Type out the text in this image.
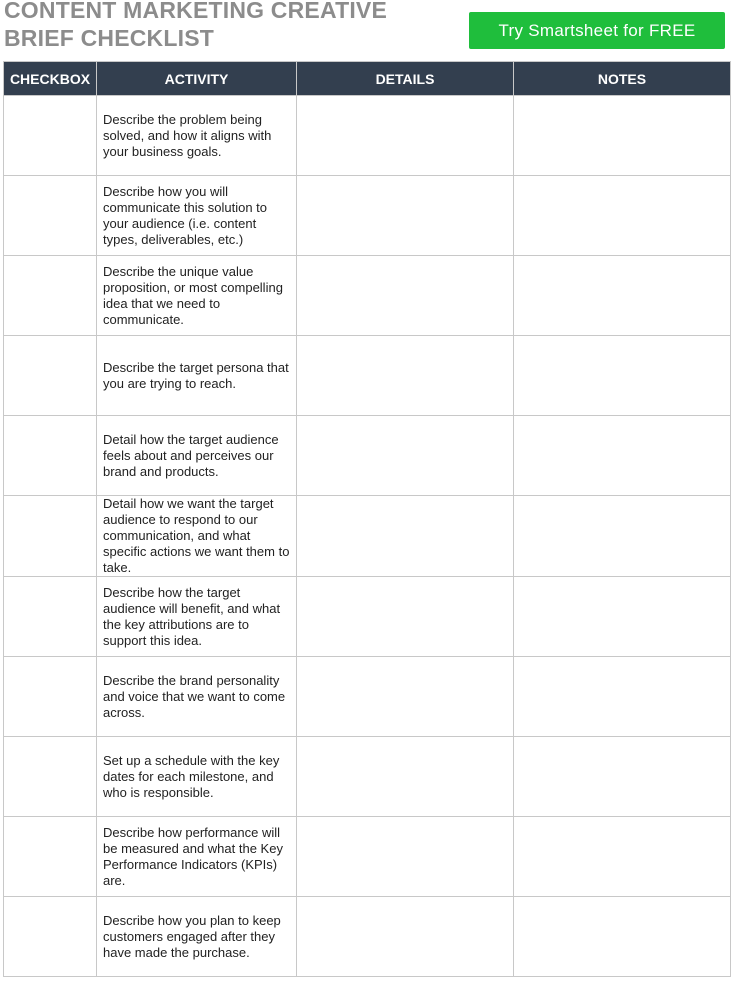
CONTENT MARKETING CREATIVE
BRIEF CHECKLIST	Try Smartsheet for FREE
CHECKBOX	ACTIVITY	DETAILS	NOTES
	Describe the problem being solved, and how it aligns with your business goals.		
	Describe how you will communicate this solution to your audience (i.e. content types, deliverables, etc.)		
	Describe the unique value proposition, or most compelling idea that we need to communicate.		
	Describe the target persona that you are trying to reach.		
	Detail how the target audience feels about and perceives our brand and products.		
	Detail how we want the target audience to respond to our communication, and what specific actions we want them to take.		
	Describe how the target audience will benefit, and what the key attributions are to support this idea.		
	Describe the brand personality and voice that we want to come across.		
	Set up a schedule with the key dates for each milestone, and who is responsible.		
	Describe how performance will be measured and what the Key Performance Indicators (KPIs) are.		
	Describe how you plan to keep customers engaged after they have made the purchase.		
